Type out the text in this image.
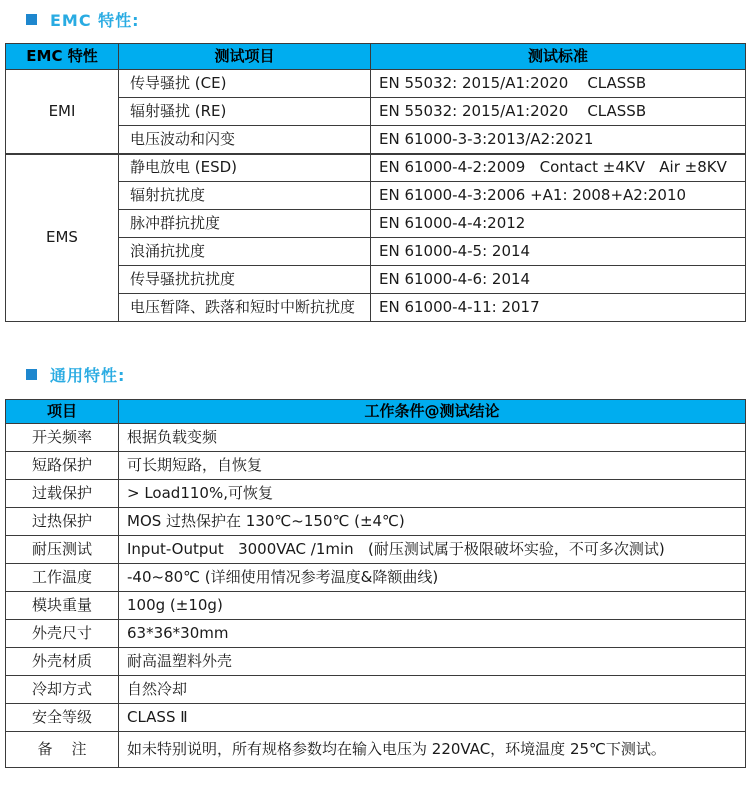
EMC 特性:
EMC 特性	测试项目	测试标准
EMI	传导骚扰 (CE)	EN 55032: 2015/A1:2020    CLASSB
	辐射骚扰 (RE)	EN 55032: 2015/A1:2020    CLASSB
	电压波动和闪变	EN 61000-3-3:2013/A2:2021
EMS	静电放电 (ESD)	EN 61000-4-2:2009   Contact ±4KV   Air ±8KV
	辐射抗扰度	EN 61000-4-3:2006 +A1: 2008+A2:2010
	脉冲群抗扰度	EN 61000-4-4:2012
	浪涌抗扰度	EN 61000-4-5: 2014
	传导骚扰抗扰度	EN 61000-4-6: 2014
	电压暂降、跌落和短时中断抗扰度	EN 61000-4-11: 2017
通用特性:
项目	工作条件@测试结论
开关频率	根据负载变频
短路保护	可长期短路，自恢复
过载保护	> Load110%,可恢复
过热保护	MOS 过热保护在 130℃~150℃ (±4℃)
耐压测试	Input-Output   3000VAC /1min   (耐压测试属于极限破坏实验，不可多次测试)
工作温度	-40~80℃ (详细使用情况参考温度&降额曲线)
模块重量	100g (±10g)
外壳尺寸	63*36*30mm
外壳材质	耐高温塑料外壳
冷却方式	自然冷却
安全等级	CLASS Ⅱ
备    注	如未特别说明，所有规格参数均在输入电压为 220VAC，环境温度 25℃下测试。
